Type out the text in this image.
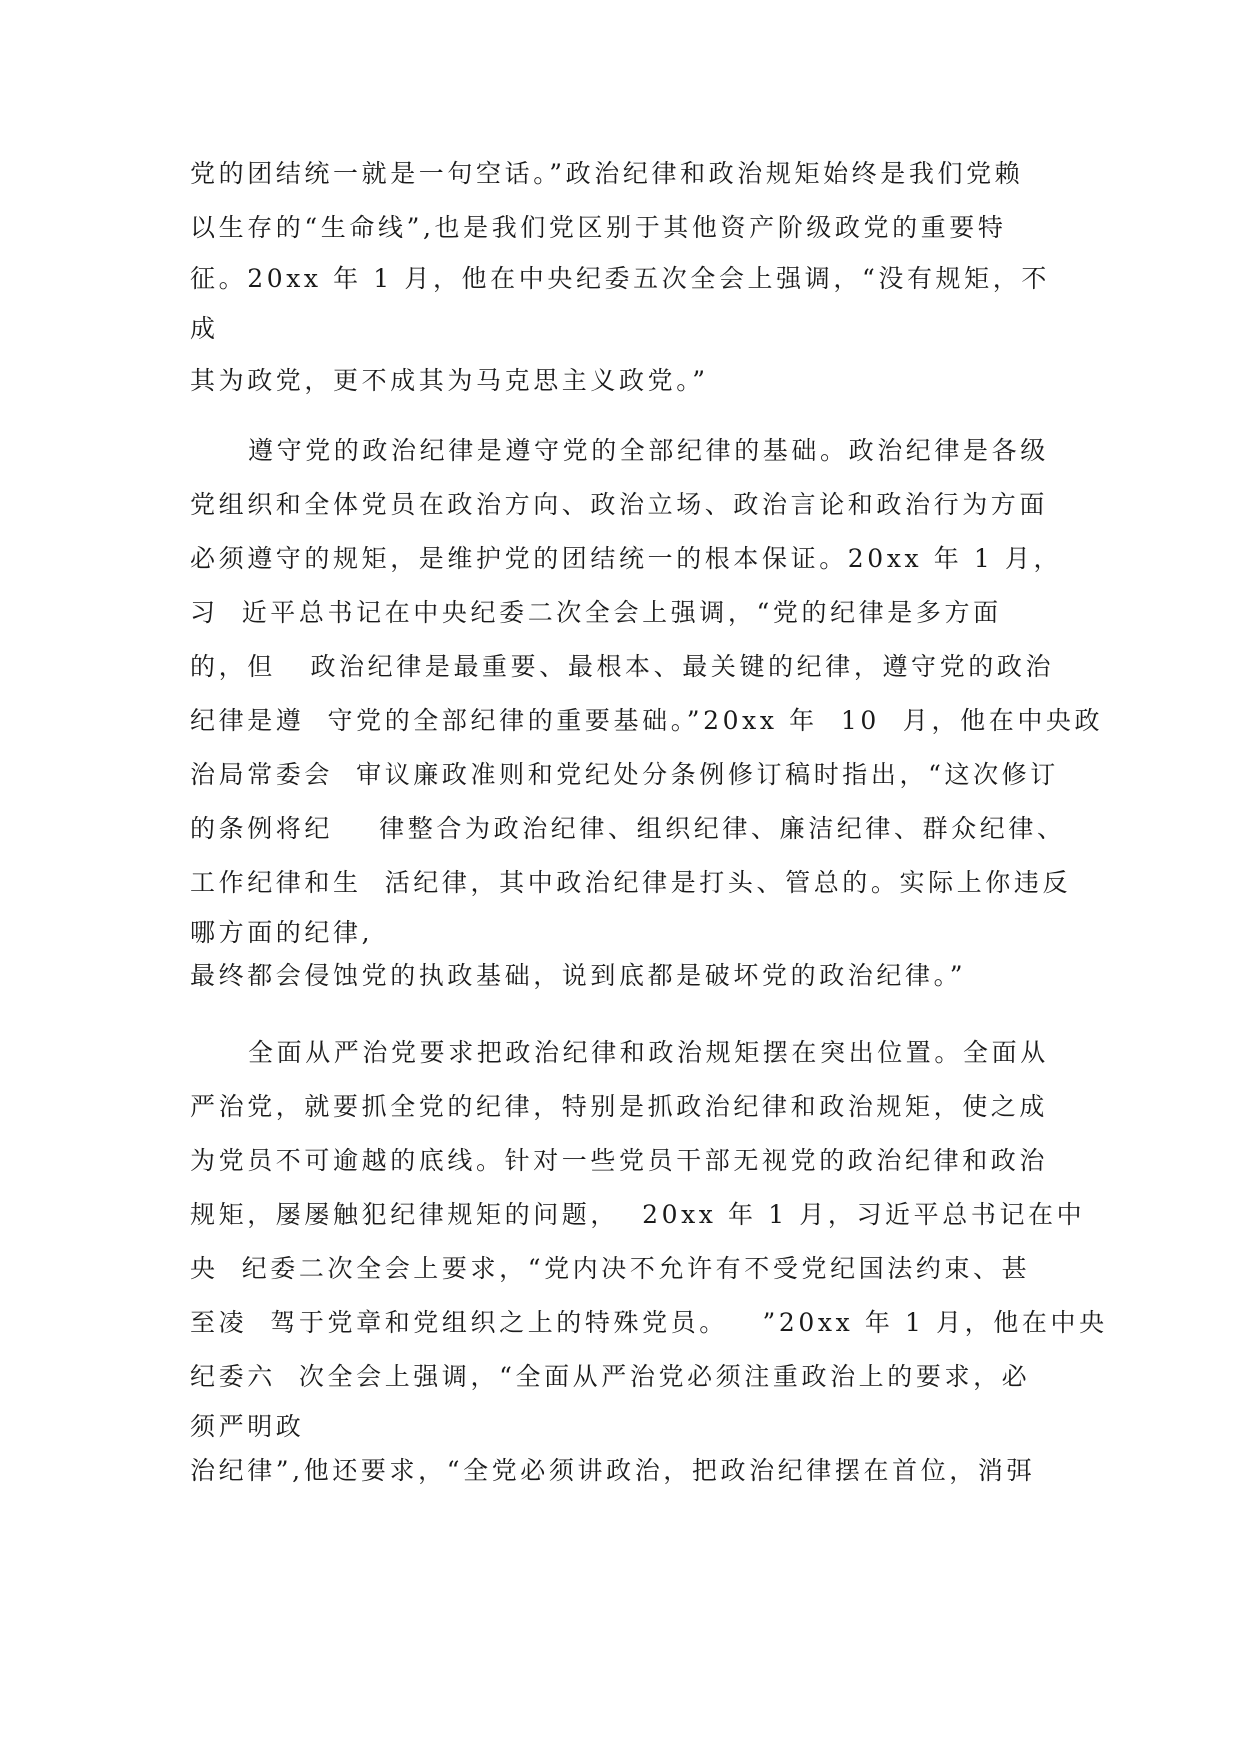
党的团结统一就是一句空话。”政治纪律和政治规矩始终是我们党赖
以生存的“生命线”,也是我们党区别于其他资产阶级政党的重要特
征。20xx 年 1 月，他在中央纪委五次全会上强调，“没有规矩，不
成
其为政党，更不成其为马克思主义政党。”
遵守党的政治纪律是遵守党的全部纪律的基础。政治纪律是各级
党组织和全体党员在政治方向、政治立场、政治言论和政治行为方面
必须遵守的规矩，是维护党的团结统一的根本保证。20xx 年 1 月，
习  近平总书记在中央纪委二次全会上强调，“党的纪律是多方面
的，但   政治纪律是最重要、最根本、最关键的纪律，遵守党的政治
纪律是遵  守党的全部纪律的重要基础。”20xx 年  10  月，他在中央政
治局常委会  审议廉政准则和党纪处分条例修订稿时指出，“这次修订
的条例将纪    律整合为政治纪律、组织纪律、廉洁纪律、群众纪律、
工作纪律和生  活纪律，其中政治纪律是打头、管总的。实际上你违反
哪方面的纪律,
最终都会侵蚀党的执政基础，说到底都是破坏党的政治纪律。”
全面从严治党要求把政治纪律和政治规矩摆在突出位置。全面从
严治党，就要抓全党的纪律，特别是抓政治纪律和政治规矩，使之成
为党员不可逾越的底线。针对一些党员干部无视党的政治纪律和政治
规矩，屡屡触犯纪律规矩的问题，  20xx 年 1 月，习近平总书记在中
央  纪委二次全会上要求，“党内决不允许有不受党纪国法约束、甚
至凌  驾于党章和党组织之上的特殊党员。   ”20xx 年 1 月，他在中央
纪委六  次全会上强调，“全面从严治党必须注重政治上的要求，必
须严明政
治纪律”,他还要求，“全党必须讲政治，把政治纪律摆在首位，消弭
